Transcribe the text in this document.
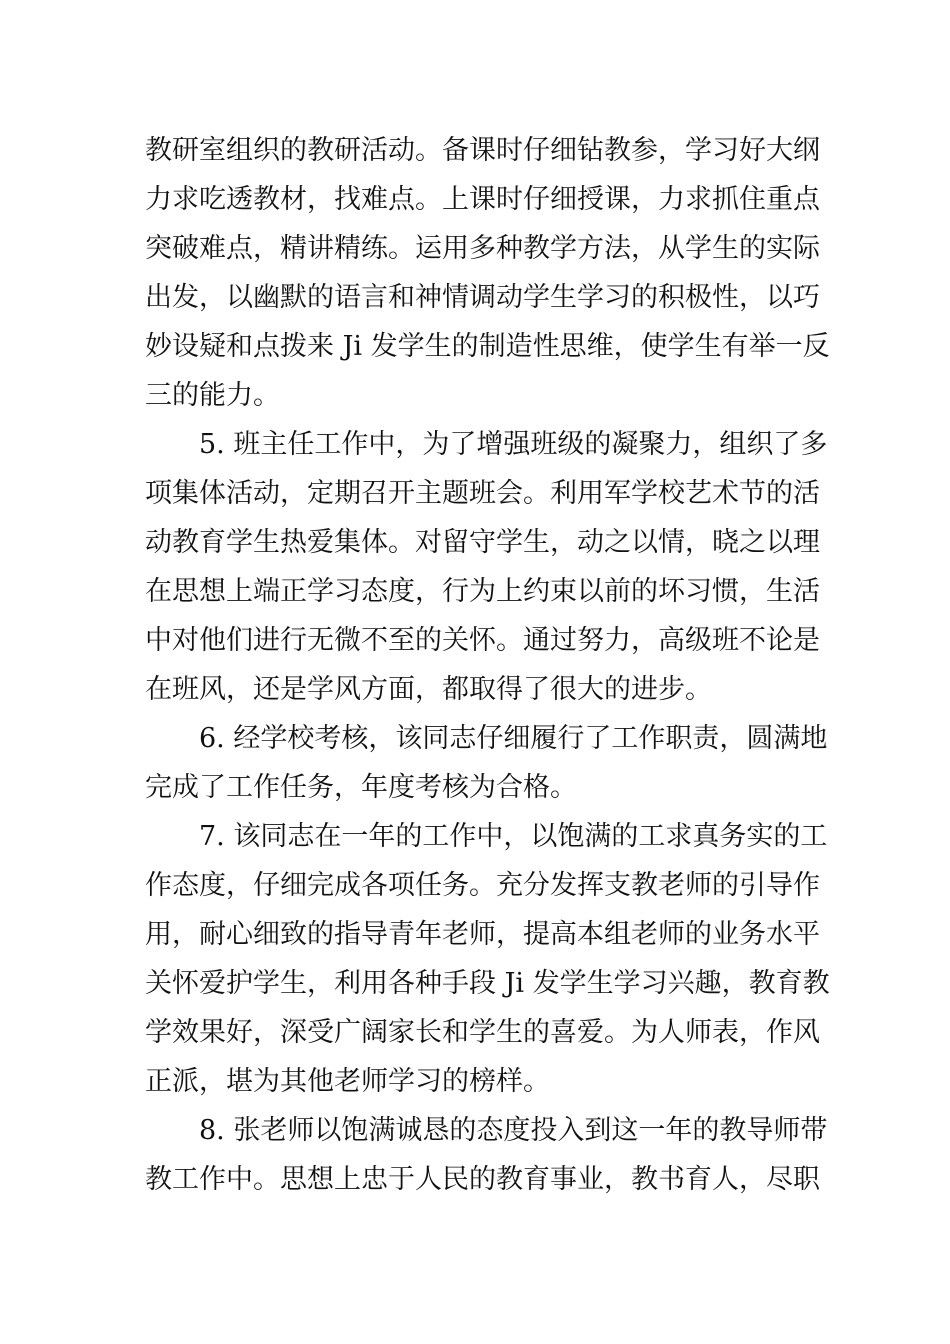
教研室组织的教研活动。备课时仔细钻教参，学习好大纲
力求吃透教材，找难点。上课时仔细授课，力求抓住重点
突破难点，精讲精练。运用多种教学方法，从学生的实际
出发，以幽默的语言和神情调动学生学习的积极性，以巧
妙设疑和点拨来 Ji 发学生的制造性思维，使学生有举一反
三的能力。
5. 班主任工作中，为了增强班级的凝聚力，组织了多
项集体活动，定期召开主题班会。利用军学校艺术节的活
动教育学生热爱集体。对留守学生，动之以情，晓之以理
在思想上端正学习态度，行为上约束以前的坏习惯，生活
中对他们进行无微不至的关怀。通过努力，高级班不论是
在班风，还是学风方面，都取得了很大的进步。
6. 经学校考核，该同志仔细履行了工作职责，圆满地
完成了工作任务，年度考核为合格。
7. 该同志在一年的工作中，以饱满的工求真务实的工
作态度，仔细完成各项任务。充分发挥支教老师的引导作
用，耐心细致的指导青年老师，提高本组老师的业务水平
关怀爱护学生，利用各种手段 Ji 发学生学习兴趣，教育教
学效果好，深受广阔家长和学生的喜爱。为人师表，作风
正派，堪为其他老师学习的榜样。
8. 张老师以饱满诚恳的态度投入到这一年的教导师带
教工作中。思想上忠于人民的教育事业，教书育人，尽职
